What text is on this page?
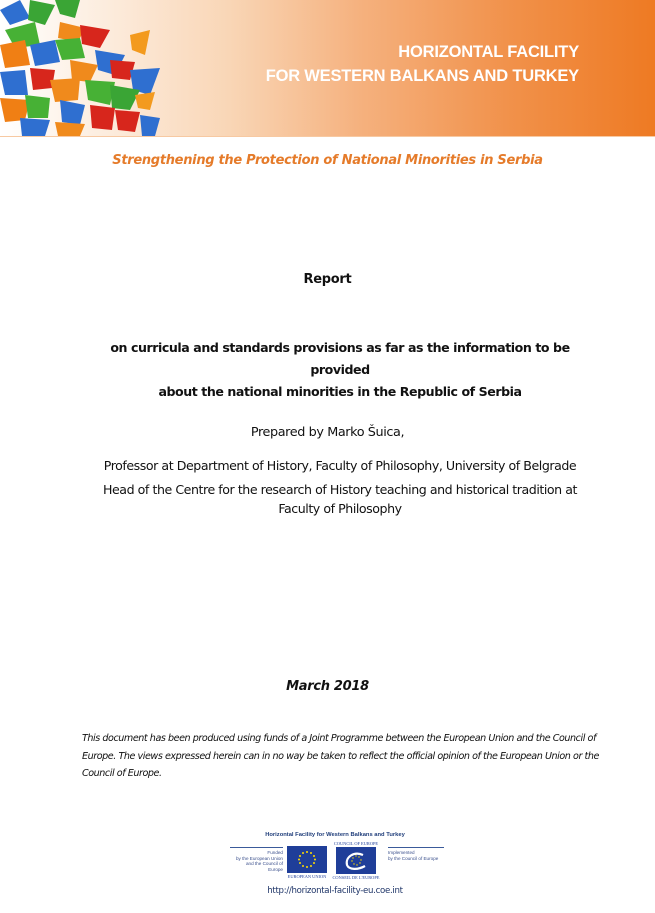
HORIZONTAL FACILITY
FOR WESTERN BALKANS AND TURKEY
Strengthening the Protection of National Minorities in Serbia
Report
on curricula and standards provisions as far as the information to be provided
about the national minorities in the Republic of Serbia
Prepared by Marko Šuica,
Professor at Department of History, Faculty of Philosophy, University of Belgrade
Head of the Centre for the research of History teaching and historical tradition at
Faculty of Philosophy
March 2018
This document has been produced using funds of a Joint Programme between the European Union and the Council of Europe. The views expressed herein can in no way be taken to reflect the official opinion of the European Union or the Council of Europe.
Horizontal Facility for Western Balkans and Turkey
Funded
by the European Union
and the Council of Europe
EUROPEAN UNION
COUNCIL OF EUROPE
CONSEIL DE L'EUROPE
Implemented
by the Council of Europe
http://horizontal-facility-eu.coe.int
